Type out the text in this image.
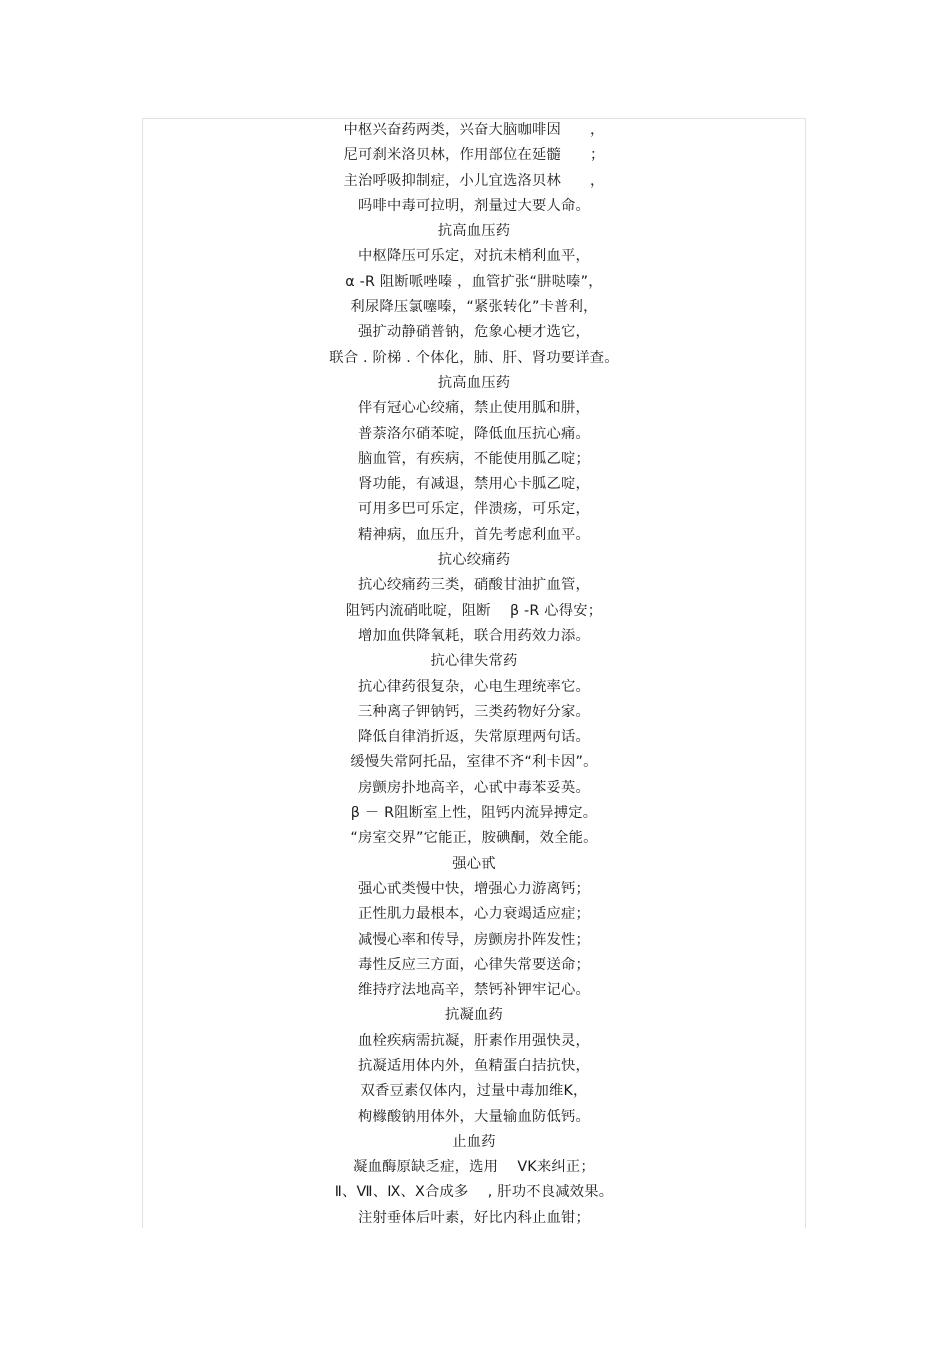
中枢兴奋药两类，兴奋大脑咖啡因　　，
尼可刹米洛贝林，作用部位在延髓　　；
主治呼吸抑制症，小儿宜选洛贝林　　，
吗啡中毒可拉明，剂量过大要人命。
抗高血压药
中枢降压可乐定，对抗未梢利血平，
α -R 阻断哌唑嗪 ，血管扩张“肼哒嗪”，
利尿降压氯噻嗪，“紧张转化”卡普利，
强扩动静硝普钠，危象心梗才选它，
联合 . 阶梯 . 个体化，肺、肝、肾功要详查。
抗高血压药
伴有冠心心绞痛，禁止使用胍和肼，
普萘洛尔硝苯啶，降低血压抗心痛。
脑血管，有疾病，不能使用胍乙啶；
肾功能，有减退，禁用心卡胍乙啶，
可用多巴可乐定，伴溃疡，可乐定，
精神病，血压升，首先考虑利血平。
抗心绞痛药
抗心绞痛药三类，硝酸甘油扩血管，
阻钙内流硝吡啶，阻断　 β -R 心得安；
增加血供降氧耗，联合用药效力添。
抗心律失常药
抗心律药很复杂，心电生理统率它。
三种离子钾钠钙，三类药物好分家。
降低自律消折返，失常原理两句话。
缓慢失常阿托品，室律不齐“利卡因”。
房颤房扑地高辛，心甙中毒苯妥英。
β － R阻断室上性，阻钙内流异搏定。
“房室交界”它能正，胺碘酮，效全能。
强心甙
强心甙类慢中快，增强心力游离钙；
正性肌力最根本，心力衰竭适应症；
减慢心率和传导，房颤房扑阵发性；
毒性反应三方面，心律失常要送命；
维持疗法地高辛，禁钙补钾牢记心。
抗凝血药
血栓疾病需抗凝，肝素作用强快灵，
抗凝适用体内外，鱼精蛋白拮抗快，
双香豆素仅体内，过量中毒加维K，
枸橼酸钠用体外，大量输血防低钙。
止血药
凝血酶原缺乏症，选用　 VK来纠正；
Ⅱ、Ⅶ、Ⅸ、Ⅹ合成多　 , 肝功不良减效果。
注射垂体后叶素，好比内科止血钳；
